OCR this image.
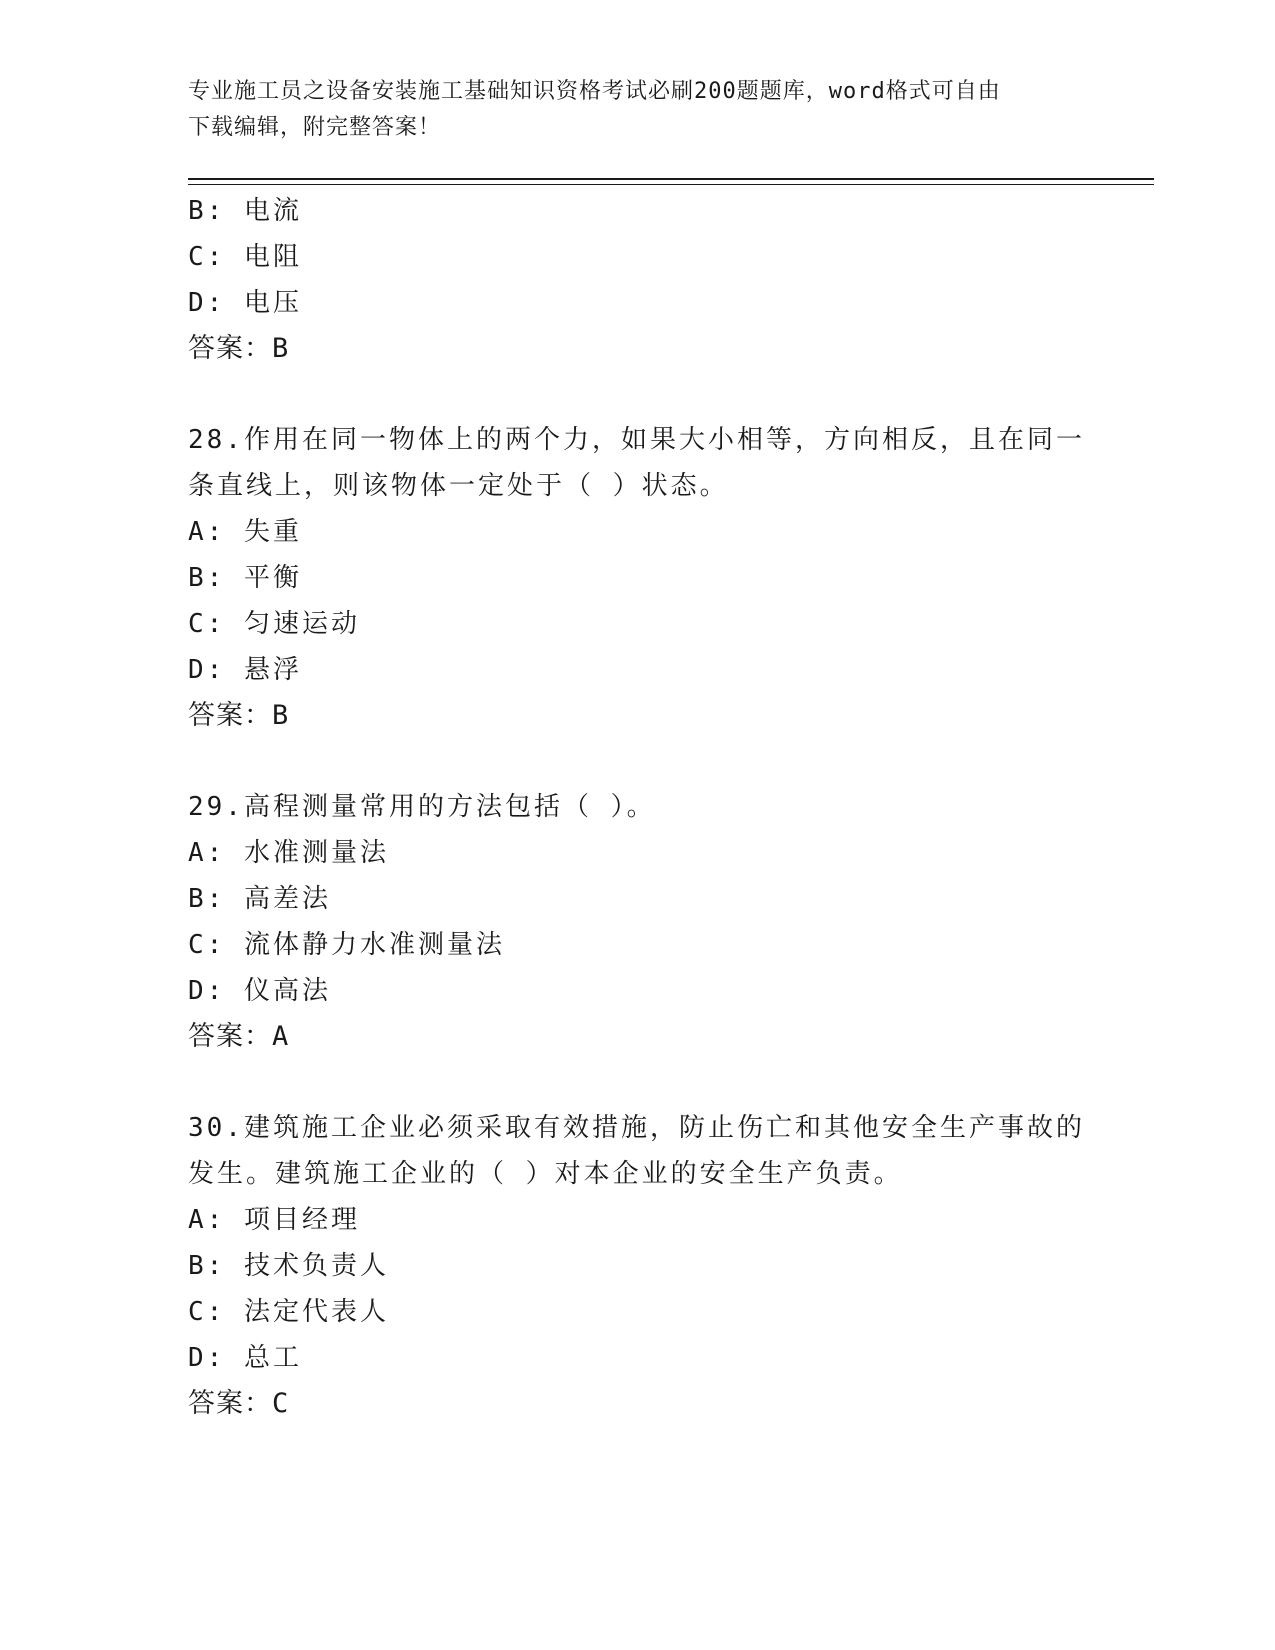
专业施工员之设备安装施工基础知识资格考试必刷200题题库，word格式可自由
下载编辑，附完整答案！
B: 电流
C: 电阻
D: 电压
答案：B
28.作用在同一物体上的两个力，如果大小相等，方向相反，且在同一
条直线上，则该物体一定处于（ ）状态。
A: 失重
B: 平衡
C: 匀速运动
D: 悬浮
答案：B
29.高程测量常用的方法包括（ ）。
A: 水准测量法
B: 高差法
C: 流体静力水准测量法
D: 仪高法
答案：A
30.建筑施工企业必须采取有效措施，防止伤亡和其他安全生产事故的
发生。建筑施工企业的（ ）对本企业的安全生产负责。
A: 项目经理
B: 技术负责人
C: 法定代表人
D: 总工
答案：C
